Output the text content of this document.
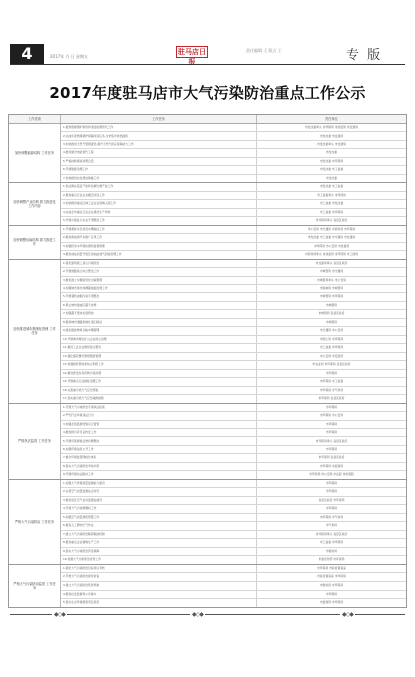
4	2017年 月 日 星期五
驻马店日报
责任编辑 王 版式 王	专 版
2017年度驻马店市大气污染防治重点工作公示
工作类别	工作任务	责任单位
加快调整能源结构 工作任务
1.推进燃煤锅炉拆改和清洁能源替代工作	市发改委牵头 市环保局 市质监局 市住建局
2.完成年度燃煤锅炉拆除改造任务,全市集中供热面积	市发改委 市住建局
3.加快推进天然气管网建设,提升天然气供应保障能力工作	市发改委牵头 市住建局
4.推进建设电能替代工程	市发改委
5.严格控制煤炭消费总量	市发改委 市环保局
6.开展散煤治理工作	市发改委 市工信委
7.加快推进农村清洁取暖工作	市发改委
加快调整产业结构 着力推进化工作内容
1.依法淘汰落后产能和化解过剩产能工作	市发改委 市工信委
2.推进重点行业企业搬迁改造工作	市工信委牵头 市环保局
3.加快推进重点区域工业企业退城入园工作	市工信委 市发改委
4.完成全市重点行业企业清洁生产审核	市工信委 市环保局
5.开展小散乱污企业专项整治工作	市环保局牵头 各县区政府
加快调整运输结构 着力推进工作
1.开展黄标车及老旧车辆淘汰工作	市公安局 市交通局 市商务局 市环保局
2.推进新能源汽车推广应用工作	市发改委 市工信委 市交通局 市住建局
3.加强机动车环保检测和监督管理	市环保局 市公安局 市质监局
4.推进油品质量升级及加油站油气回收治理工作	市商务局牵头 市质监局 市环保局 市工商局
加快推进城市精细化管理 工作任务
1.强化建筑施工扬尘污染防治	市住建局牵头 各县区政府
2.开展道路扬尘综合整治工作	市城管局 市交通局
3.推进渣土车辆密闭化运输管理	市城管局牵头 市公安局
4.加强城市绿化和裸露地面治理工作	市园林局 市城管局
5.开展餐饮油烟污染专项整治	市城管局 市环保局
6.禁止城市建成区露天烧烤	市城管局
7.加强露天焚烧垃圾管控	市城管局 各县区政府
8.推进城市道路机械化清扫保洁	市城管局
9.强化散装物料运输车辆管理	市交通局 市公安局
10.开展城市周边矿山企业扬尘治理	市国土局 市环保局
11.推进工业企业堆场扬尘整治	市工信委 市环保局
12.强化烟花爆竹禁燃限放管理	市公安局 市安监局
13.加强秸秆禁烧和综合利用工作	市农业局 市环保局 各县区政府
14.推进挥发性有机物污染治理	市环保局
15.开展重点行业提标治理工作	市环保局 市工信委
16.完善重污染天气应急预案	市环保局 市气象局
17.落实重污染天气应急减排措施	市环保局 各县区政府
严格执法监管 工作任务
1.开展大气污染防治专项执法检查	市环保局
2.严厉打击环境违法行为	市环保局 市公安局
3.加强在线监测设施运行监管	市环保局
4.推进排污许可证核发工作	市环保局
5.开展环保督察反馈问题整改	市环保局牵头 各县区政府
6.加强环境信息公开工作	市环保局
7.健全环境监管网格化体系	市环保局 各县区政府
8.落实大气污染防治考核问责	市环保局 市监察局
9.开展环境执法联动工作	市环保局 市公安局 市法院 市检察院
严格大气污染防治 工作任务
1.加强大气环境质量监测能力建设	市环保局
2.完善空气质量监测站点布设	市环保局
3.推进县区空气自动监测站建设	各县区政府 市环保局
4.开展大气污染源解析工作	市环保局
5.加强空气质量预报预警工作	市环保局 市气象局
6.推进人工影响天气作业	市气象局
7.建立大气污染防治联防联控机制	市环保局牵头 各县区政府
8.推进重点企业错峰生产工作	市工信委 市环保局
9.落实大气污染防治资金保障	市财政局
10.加强大气污染防治宣传工作	市委宣传部 市环保局
严格大气污染防治监管 工作任务
1.强化大气污染防治目标责任考核	市环保局 市政府督查室
2.开展大气污染防治督导检查	市政府督查室 市环保局
3.建立大气污染防治奖惩机制	市财政局 市环保局
4.推进社会监督和公众参与	市环保局
5.落实生态环境损害责任追究	市监察局 市环保局
◆◇◆	◆◇◆	◆◇◆
